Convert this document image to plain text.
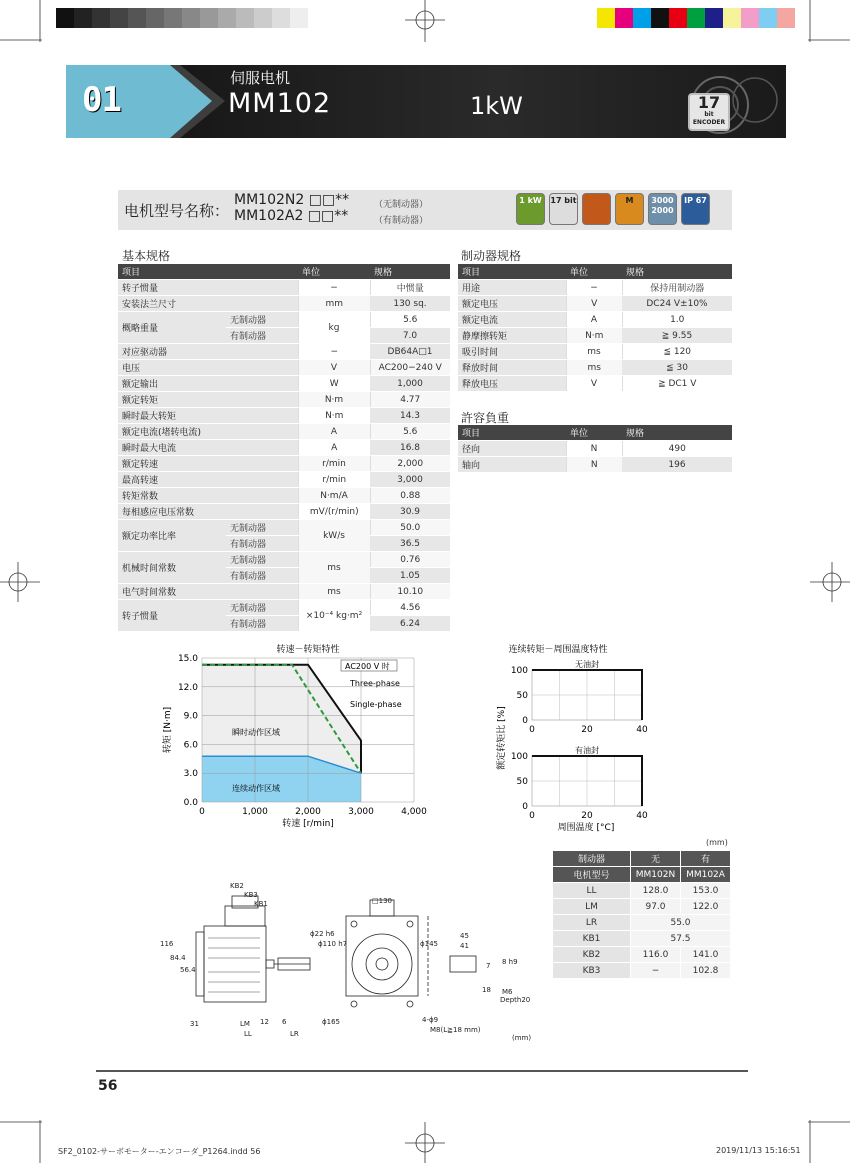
01
伺服电机
MM102	1kW	17
bit
ENCODER
电机型号名称：
MM102N2 □□**	（无制动器）
MM102A2 □□**	（有制动器）
1 kW	17 bit	M	3000 2000
IP 67
基本规格
项目		单位	规格
转子惯量		−	中惯量
安装法兰尺寸		mm	130 sq.
概略重量	无制动器	kg	5.6
	有制动器		7.0
对应驱动器		−	DB64A□1
电压		V	AC200−240 V
额定输出		W	1,000
额定转矩		N·m	4.77
瞬时最大转矩		N·m	14.3
额定电流(堵转电流)		A	5.6
瞬时最大电流		A	16.8
额定转速		r/min	2,000
最高转速		r/min	3,000
转矩常数		N·m/A	0.88
每相感应电压常数		mV/(r/min)	30.9
额定功率比率	无制动器	kW/s	50.0
	有制动器		36.5
机械时间常数	无制动器	ms	0.76
	有制动器		1.05
电气时间常数		ms	10.10
转子惯量	无制动器	×10⁻⁴ kg·m²	4.56
	有制动器		6.24
制动器规格
项目	单位	规格
用途	−	保持用制动器
额定电压	V	DC24 V±10%
额定电流	A	1.0
静摩擦转矩	N·m	≧ 9.55
吸引时间	ms	≦ 120
释放时间	ms	≦ 30
释放电压	V	≧ DC1 V
許容負重
项目	单位	规格
径向	N	490
轴向	N	196
转速－转矩特性
0	1,000	2,000	3,000	4,000
0.0
3.0
6.0
9.0
12.0
15.0
转速 [r/min]
转矩 [N·m]
AC200 V 时
Three-phase
Single-phase
瞬时动作区域
连续动作区域
连续转矩－周围温度特性
无油封
0
50
100
0	20	40
有油封
0
50
100
0	20	40
周围温度 [°C]
额定转矩比 [%]
KB2
KB3
KB1
116
84.4
56.4
ϕ22 h6
ϕ110 h7
□130
ϕ145
45
41
ϕ165
31	LM 12 6
LL	LR
4-ϕ9
M8(L≧18 mm)
8 h9
7
18 M6
Depth20
(mm)
(mm)
制动器	无	有
电机型号	MM102N	MM102A
LL	128.0	153.0
LM	97.0	122.0
LR	55.0	
KB1	57.5	
KB2	116.0	141.0
KB3	−	102.8
56
SF2_0102-サーボモーター-エンコーダ_P1264.indd 56	2019/11/13 15:16:51
